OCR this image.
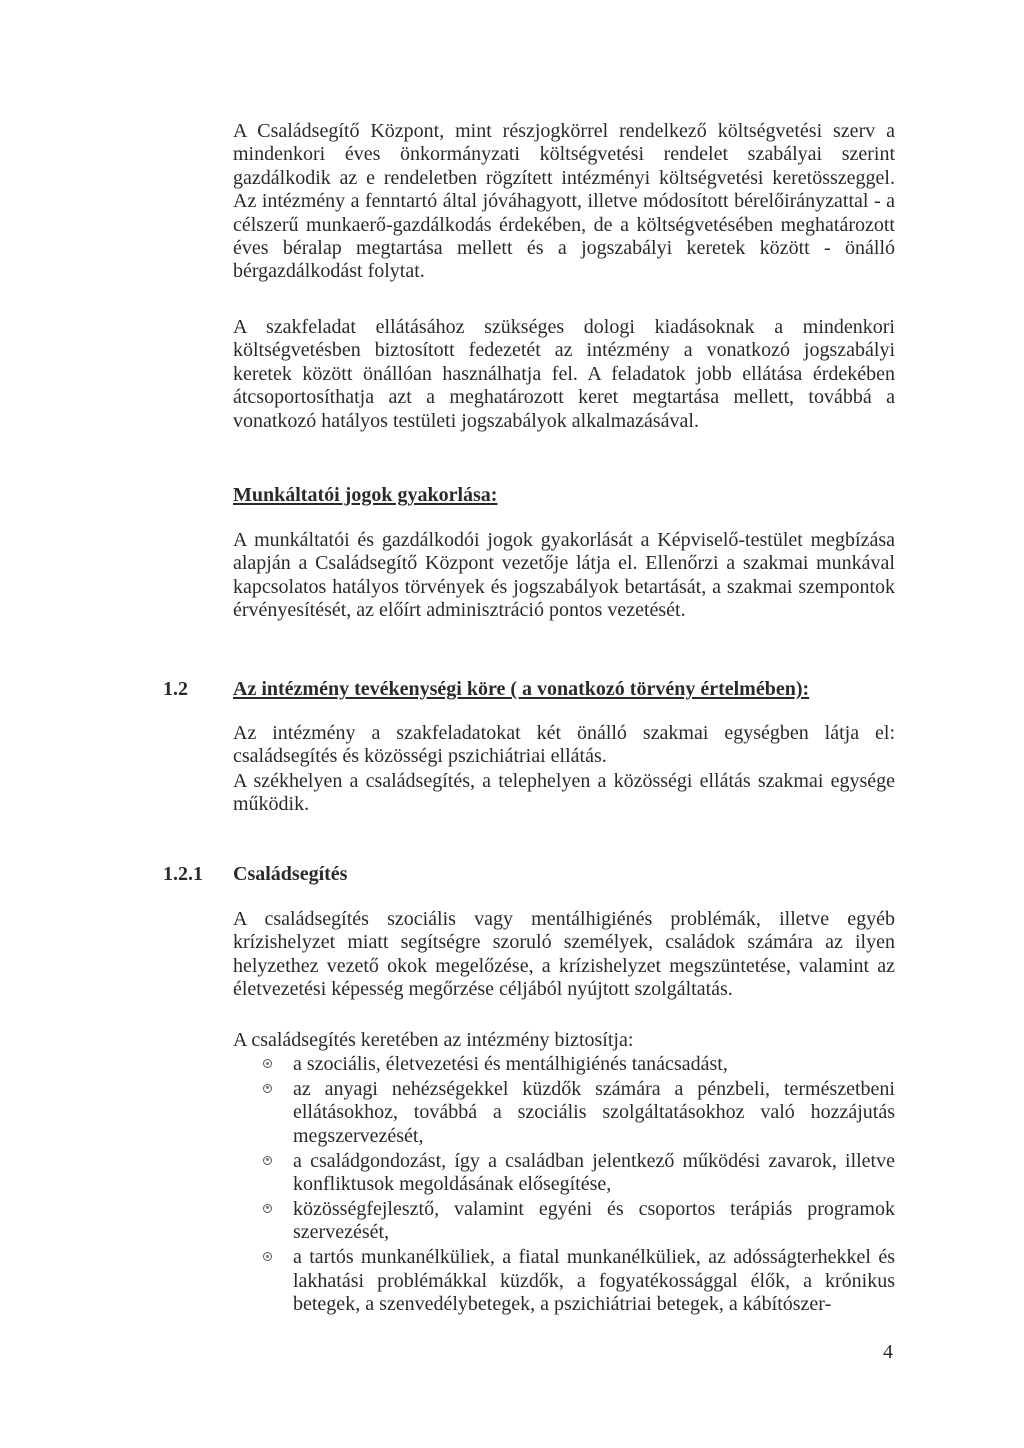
A Családsegítő Központ, mint részjogkörrel rendelkező költségvetési szerv a mindenkori éves önkormányzati költségvetési rendelet szabályai szerint gazdálkodik az e rendeletben rögzített intézményi költségvetési keretösszeggel. Az intézmény a fenntartó által jóváhagyott, illetve módosított bérelőirányzattal - a célszerű munkaerő-gazdálkodás érdekében, de a költségvetésében meghatározott éves béralap megtartása mellett és a jogszabályi keretek között - önálló bérgazdálkodást folytat.

A szakfeladat ellátásához szükséges dologi kiadásoknak a mindenkori költségvetésben biztosított fedezetét az intézmény a vonatkozó jogszabályi keretek között önállóan használhatja fel. A feladatok jobb ellátása érdekében átcsoportosíthatja azt a meghatározott keret megtartása mellett, továbbá a vonatkozó hatályos testületi jogszabályok alkalmazásával.

Munkáltatói jogok gyakorlása:

A munkáltatói és gazdálkodói jogok gyakorlását a Képviselő-testület megbízása alapján a Családsegítő Központ vezetője látja el. Ellenőrzi a szakmai munkával kapcsolatos hatályos törvények és jogszabályok betartását, a szakmai szempontok érvényesítését, az előírt adminisztráció pontos vezetését.

1.2 Az intézmény tevékenységi köre ( a vonatkozó törvény értelmében):

Az intézmény a szakfeladatokat két önálló szakmai egységben látja el: családsegítés és közösségi pszichiátriai ellátás.

A székhelyen a családsegítés, a telephelyen a közösségi ellátás szakmai egysége működik.

1.2.1 Családsegítés

A családsegítés szociális vagy mentálhigiénés problémák, illetve egyéb krízishelyzet miatt segítségre szoruló személyek, családok számára az ilyen helyzethez vezető okok megelőzése, a krízishelyzet megszüntetése, valamint az életvezetési képesség megőrzése céljából nyújtott szolgáltatás.

A családsegítés keretében az intézmény biztosítja:

a szociális, életvezetési és mentálhigiénés tanácsadást,
az anyagi nehézségekkel küzdők számára a pénzbeli, természetbeni ellátásokhoz, továbbá a szociális szolgáltatásokhoz való hozzájutás megszervezését,
a családgondozást, így a családban jelentkező működési zavarok, illetve konfliktusok megoldásának elősegítése,
közösségfejlesztő, valamint egyéni és csoportos terápiás programok szervezését,
a tartós munkanélküliek, a fiatal munkanélküliek, az adósságterhekkel és lakhatási problémákkal küzdők, a fogyatékossággal élők, a krónikus betegek, a szenvedélybetegek, a pszichiátriai betegek, a kábítószer-

4
